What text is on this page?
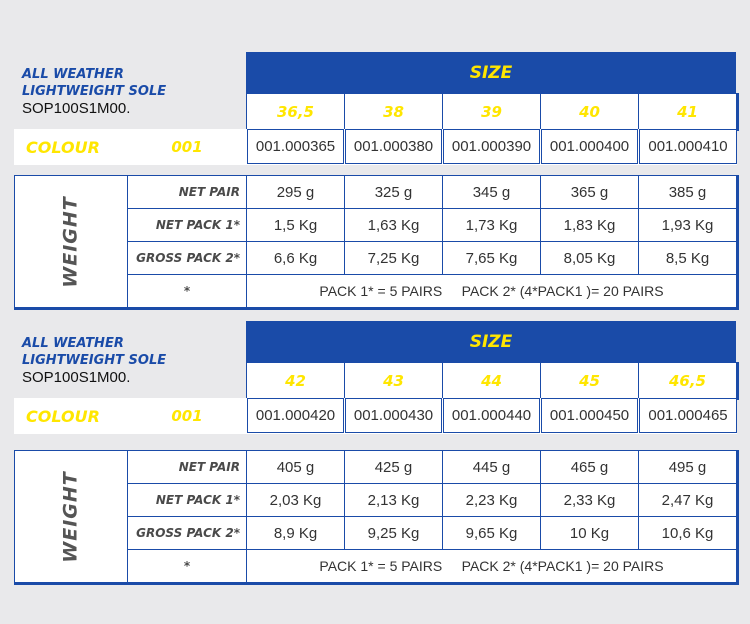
ALL WEATHER
LIGHTWEIGHT SOLE
SOP100S1M00.
SIZE
36,5	38	39	40	41
COLOUR	001	001.000365	001.000380	001.000390	001.000400	001.000410
WEIGHT
NET PAIR	295 g	325 g	345 g	365 g	385 g
NET PACK 1*	1,5 Kg	1,63 Kg	1,73 Kg	1,83 Kg	1,93 Kg
GROSS PACK 2*	6,6 Kg	7,25 Kg	7,65 Kg	8,05 Kg	8,5 Kg
*	PACK 1* = 5 PAIRS     PACK 2* (4*PACK1 )= 20 PAIRS
ALL WEATHER
LIGHTWEIGHT SOLE
SOP100S1M00.
SIZE
42	43	44	45	46,5
COLOUR	001	001.000420	001.000430	001.000440	001.000450	001.000465
WEIGHT
NET PAIR	405 g	425 g	445 g	465 g	495 g
NET PACK 1*	2,03 Kg	2,13 Kg	2,23 Kg	2,33 Kg	2,47 Kg
GROSS PACK 2*	8,9 Kg	9,25 Kg	9,65 Kg	10 Kg	10,6 Kg
*	PACK 1* = 5 PAIRS     PACK 2* (4*PACK1 )= 20 PAIRS
